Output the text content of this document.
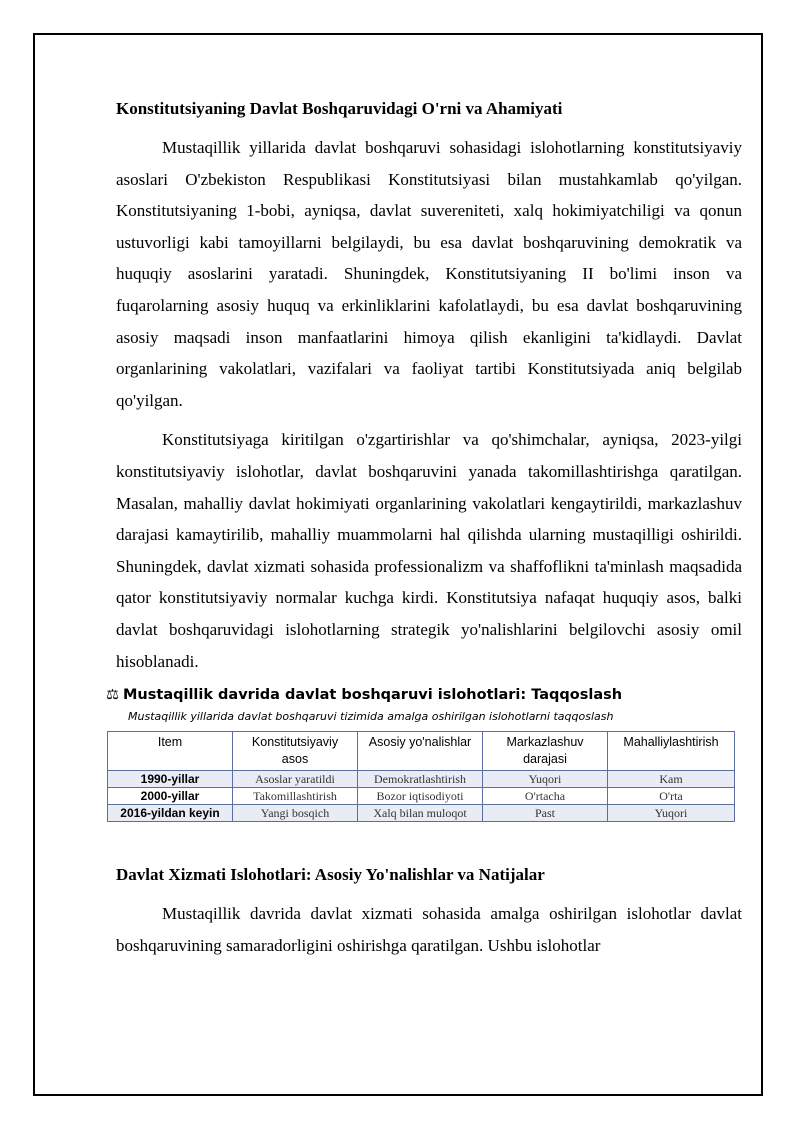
Konstitutsiyaning Davlat Boshqaruvidagi O'rni va Ahamiyati

Mustaqillik yillarida davlat boshqaruvi sohasidagi islohotlarning konstitutsiyaviy asoslari O'zbekiston Respublikasi Konstitutsiyasi bilan mustahkamlab qo'yilgan. Konstitutsiyaning 1-bobi, ayniqsa, davlat suvereniteti, xalq hokimiyatchiligi va qonun ustuvorligi kabi tamoyillarni belgilaydi, bu esa davlat boshqaruvining demokratik va huquqiy asoslarini yaratadi. Shuningdek, Konstitutsiyaning II bo'limi inson va fuqarolarning asosiy huquq va erkinliklarini kafolatlaydi, bu esa davlat boshqaruvining asosiy maqsadi inson manfaatlarini himoya qilish ekanligini ta'kidlaydi. Davlat organlarining vakolatlari, vazifalari va faoliyat tartibi Konstitutsiyada aniq belgilab qo'yilgan.

Konstitutsiyaga kiritilgan o'zgartirishlar va qo'shimchalar, ayniqsa, 2023-yilgi konstitutsiyaviy islohotlar, davlat boshqaruvini yanada takomillashtirishga qaratilgan. Masalan, mahalliy davlat hokimiyati organlarining vakolatlari kengaytirildi, markazlashuv darajasi kamaytirilib, mahalliy muammolarni hal qilishda ularning mustaqilligi oshirildi. Shuningdek, davlat xizmati sohasida professionalizm va shaffoflikni ta'minlash maqsadida qator konstitutsiyaviy normalar kuchga kirdi. Konstitutsiya nafaqat huquqiy asos, balki davlat boshqaruvidagi islohotlarning strategik yo'nalishlarini belgilovchi asosiy omil hisoblanadi.

⚖ Mustaqillik davrida davlat boshqaruvi islohotlari: Taqqoslash
Mustaqillik yillarida davlat boshqaruvi tizimida amalga oshirilgan islohotlarni taqqoslash
Item	Konstitutsiyaviy asos	Asosiy yo'nalishlar	Markazlashuv darajasi	Mahalliylashtirish
1990-yillar	Asoslar yaratildi	Demokratlashtirish	Yuqori	Kam
2000-yillar	Takomillashtirish	Bozor iqtisodiyoti	O'rtacha	O'rta
2016-yildan keyin	Yangi bosqich	Xalq bilan muloqot	Past	Yuqori
Davlat Xizmati Islohotlari: Asosiy Yo'nalishlar va Natijalar

Mustaqillik davrida davlat xizmati sohasida amalga oshirilgan islohotlar davlat boshqaruvining samaradorligini oshirishga qaratilgan. Ushbu islohotlar
